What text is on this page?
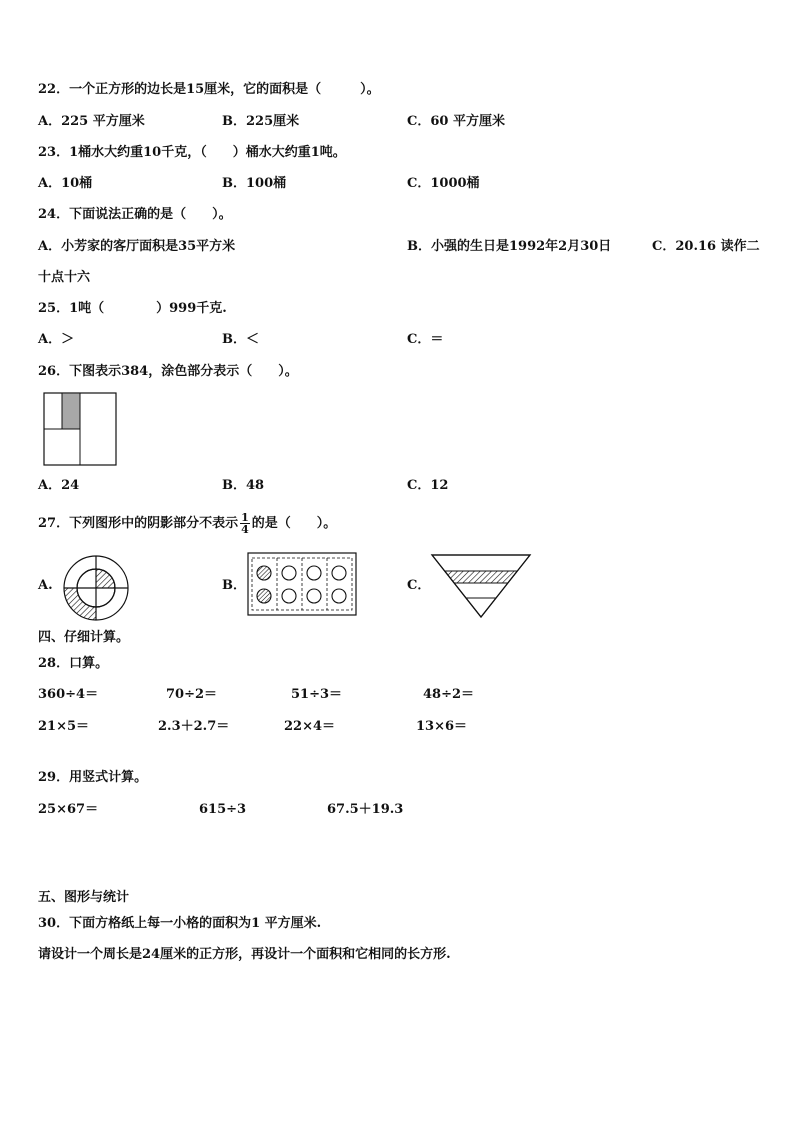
22．一个正方形的边长是15厘米，它的面积是（　　　）。
A．225 平方厘米	B．225厘米	C．60 平方厘米
23．1桶水大约重10千克，（　　）桶水大约重1吨。
A．10桶	B．100桶	C．1000桶
24．下面说法正确的是（　　）。
A．小芳家的客厅面积是35平方米	B．小强的生日是1992年2月30日	C．20.16 读作二
十点十六
25．1吨（　　　　）999千克.
A．＞	B．＜	C．＝
26．下图表示384，涂色部分表示（　　）。
A．24	B．48	C．12
27．下列图形中的阴影部分不表示 $\frac{1}{4}$ 的是（　　）。
A.	B．	C．
四、仔细计算。
28．口算。
360÷4＝	70÷2＝	51÷3＝	48÷2＝
21×5＝	2.3＋2.7＝	22×4＝	13×6＝
29．用竖式计算。
25×67＝	615÷3	67.5＋19.3
五、图形与统计
30．下面方格纸上每一小格的面积为1 平方厘米.
请设计一个周长是24厘米的正方形，再设计一个面积和它相同的长方形.
